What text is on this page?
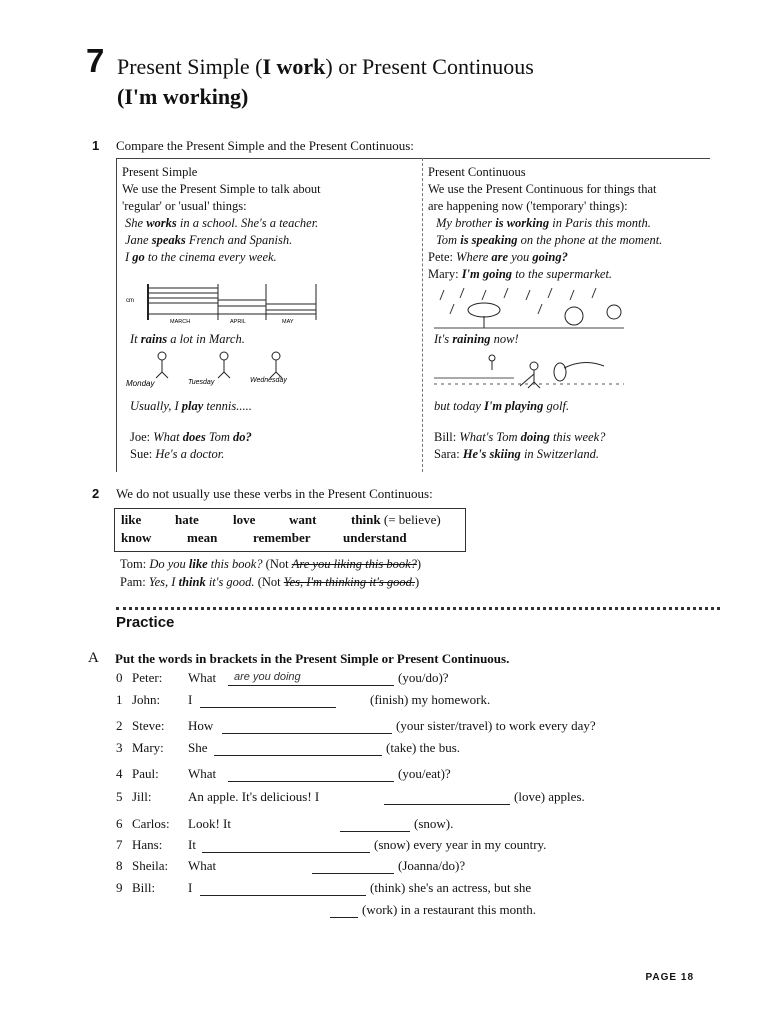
7 Present Simple (I work) or Present Continuous
(I'm working)
1 Compare the Present Simple and the Present Continuous:
Present Simple
We use the Present Simple to talk about
'regular' or 'usual' things:
She works in a school. She's a teacher.
Jane speaks French and Spanish.
I go to the cinema every week.
cm
MARCH	APRIL	MAY
It rains a lot in March.
Monday	Tuesday	Wednesday
Usually, I play tennis.....
Joe: What does Tom do?
Sue: He's a doctor.
Present Continuous
We use the Present Continuous for things that
are happening now ('temporary' things):
My brother is working in Paris this month.
Tom is speaking on the phone at the moment.
Pete: Where are you going?
Mary: I'm going to the supermarket.
It's raining now!
but today I'm playing golf.
Bill: What's Tom doing this week?
Sara: He's skiing in Switzerland.
2 We do not usually use these verbs in the Present Continuous:
like	hate	love	want	think (= believe)
know	mean	remember understand
Tom: Do you like this book? (Not Are you liking this book?)
Pam: Yes, I think it's good. (Not Yes, I'm thinking it's good.)
Practice
A Put the words in brackets in the Present Simple or Present Continuous.
0 Peter: What are you doing	(you/do)?
1 John: I	(finish) my homework.
2 Steve: How	(your sister/travel) to work every day?
3 Mary: She	(take) the bus.
4 Paul: What	(you/eat)?
5 Jill:	An apple. It's delicious! I	(love) apples.
6 Carlos: Look! It	(snow).
7 Hans: It	(snow) every year in my country.
8 Sheila: What	(Joanna/do)?
9 Bill:	I	(think) she's an actress, but she
(work) in a restaurant this month.
PAGE 18
